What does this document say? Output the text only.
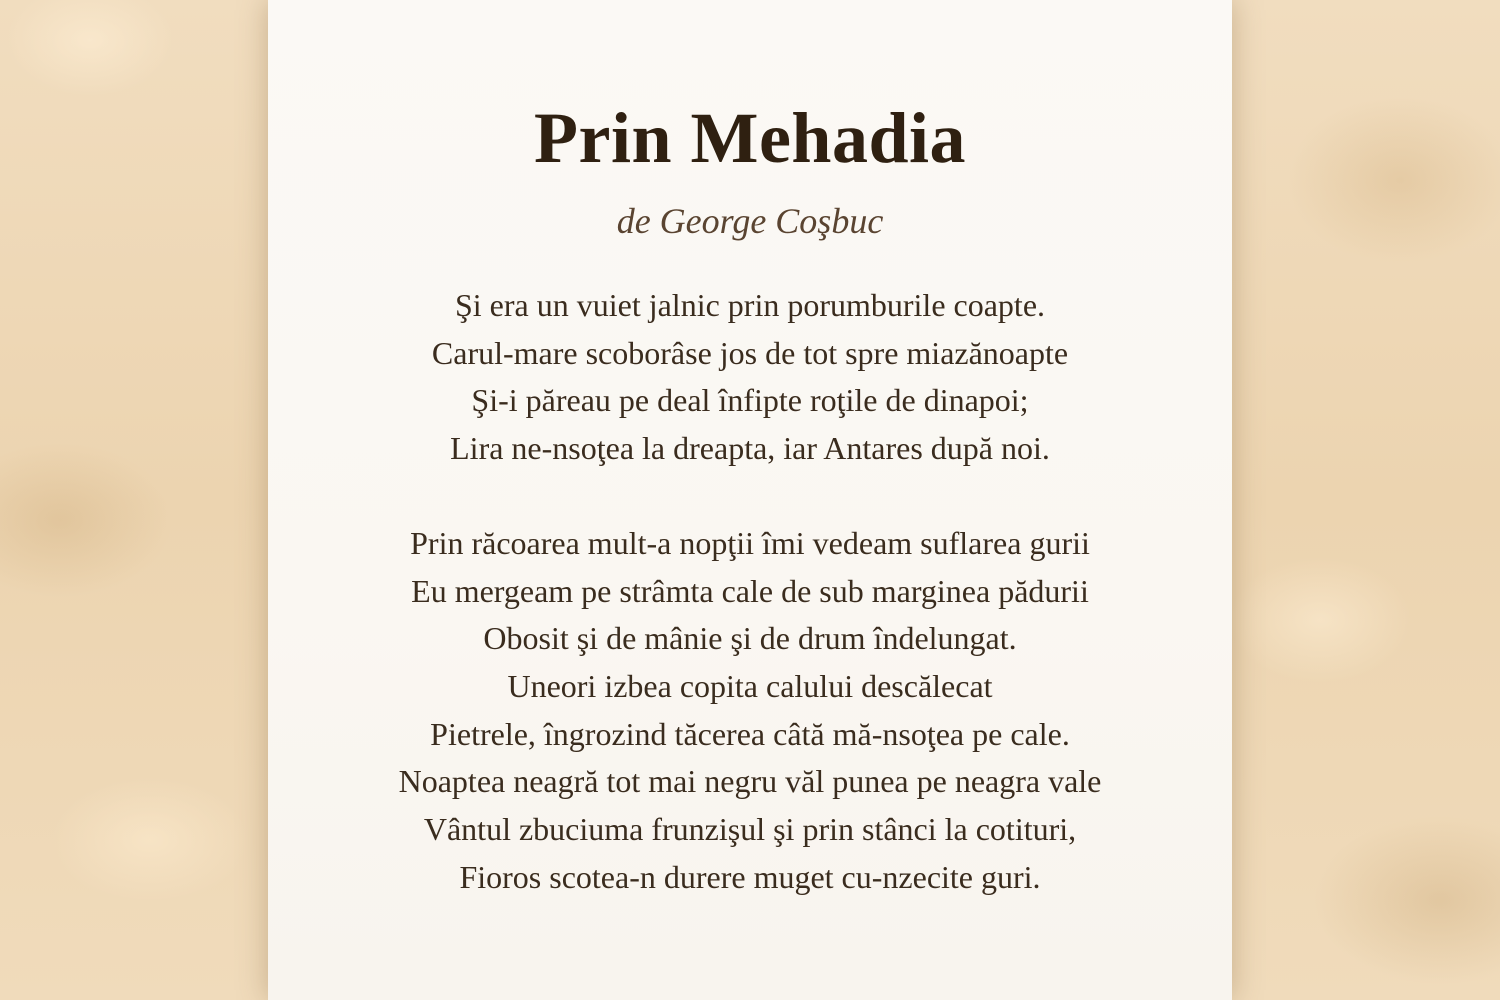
Prin Mehadia
de George Coşbuc
Şi era un vuiet jalnic prin porumburile coapte.
Carul-mare scoborâse jos de tot spre miazănoapte
Şi-i păreau pe deal înfipte roţile de dinapoi;
Lira ne-nsoţea la dreapta, iar Antares după noi.
Prin răcoarea mult-a nopţii îmi vedeam suflarea gurii
Eu mergeam pe strâmta cale de sub marginea pădurii
Obosit şi de mânie şi de drum îndelungat.
Uneori izbea copita calului descălecat
Pietrele, îngrozind tăcerea câtă mă-nsoţea pe cale.
Noaptea neagră tot mai negru văl punea pe neagra vale
Vântul zbuciuma frunzişul şi prin stânci la cotituri,
Fioros scotea-n durere muget cu-nzecite guri.
